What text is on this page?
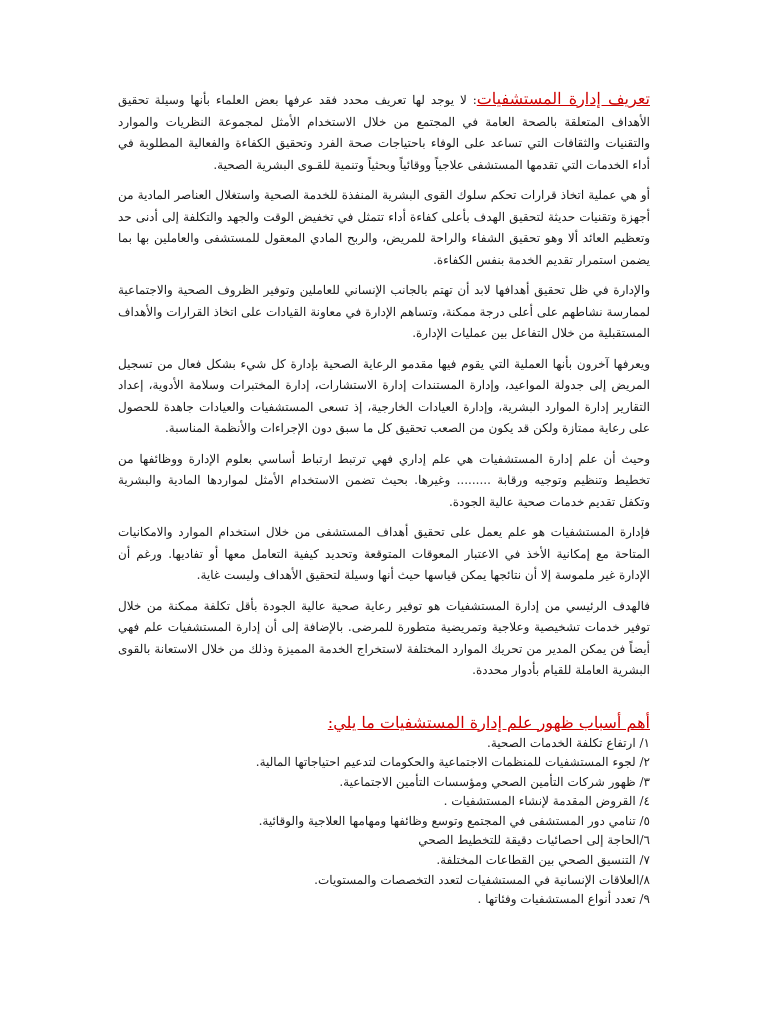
تعريف إدارة المستشفيات: لا يوجد لها تعريف محدد فقد عرفها بعض العلماء بأنها وسيلة تحقيق الأهداف المتعلقة بالصحة العامة في المجتمع من خلال الاستخدام الأمثل لمجموعة النظريات والموارد والتقنيات والثقافات التي تساعد على الوفاء باحتياجات صحة الفرد وتحقيق الكفاءة والفعالية المطلوبة في أداء الخدمات التي تقدمها المستشفى علاجياً ووقائياً وبحثياً وتنمية للقـوى البشرية الصحية.

أو هي عملية اتخاذ قرارات تحكم سلوك القوى البشرية المنفذة للخدمة الصحية واستغلال العناصر المادية من أجهزة وتقنيات حديثة لتحقيق الهدف بأعلى كفاءة أداء تتمثل في تخفيض الوقت والجهد والتكلفة إلى أدنى حد وتعظيم العائد ألا وهو تحقيق الشفاء والراحة للمريض، والربح المادي المعقول للمستشفى والعاملين بها بما يضمن استمرار تقديم الخدمة بنفس الكفاءة.

والإدارة في ظل تحقيق أهدافها لابد أن تهتم بالجانب الإنساني للعاملين وتوفير الظروف الصحية والاجتماعية لممارسة نشاطهم على أعلى درجة ممكنة، وتساهم الإدارة في معاونة القيادات على اتخاذ القرارات والأهداف المستقبلية من خلال التفاعل بين عمليات الإدارة.

ويعرفها آخرون بأنها العملية التي يقوم فيها مقدمو الرعاية الصحية بإدارة كل شيء بشكل فعال من تسجيل المريض إلى جدولة المواعيد، وإدارة المستندات إدارة الاستشارات، إدارة المختبرات وسلامة الأدوية، إعداد التقارير إدارة الموارد البشرية، وإدارة العيادات الخارجية، إذ تسعى المستشفيات والعيادات جاهدة للحصول على رعاية ممتازة ولكن قد يكون من الصعب تحقيق كل ما سبق دون الإجراءات والأنظمة المناسبة.

وحيث أن علم إدارة المستشفيات هي علم إداري فهي ترتبط ارتباط أساسي بعلوم الإدارة ووظائفها من تخطيط وتنظيم وتوجيه ورقابة ......... وغيرها. بحيث تضمن الاستخدام الأمثل لمواردها المادية والبشرية وتكفل تقديم خدمات صحية عالية الجودة.

فإدارة المستشفيات هو علم يعمل على تحقيق أهداف المستشفى من خلال استخدام الموارد والامكانيات المتاحة مع إمكانية الأخذ في الاعتبار المعوقات المتوقعة وتحديد كيفية التعامل معها أو تفاديها. ورغم أن الإدارة غير ملموسة إلا أن نتائجها يمكن قياسها حيث أنها وسيلة لتحقيق الأهداف وليست غاية.

فالهدف الرئيسي من إدارة المستشفيات هو توفير رعاية صحية عالية الجودة بأقل تكلفة ممكنة من خلال توفير خدمات تشخيصية وعلاجية وتمريضية متطورة للمرضى. بالإضافة إلى أن إدارة المستشفيات علم فهي أيضاً فن يمكن المدير من تحريك الموارد المختلفة لاستخراج الخدمة المميزة وذلك من خلال الاستعانة بالقوى البشرية العاملة للقيام بأدوار محددة.

أهم أسباب ظهور علم إدارة المستشفيات ما يلي:
١/ ارتفاع تكلفة الخدمات الصحية.
٢/ لجوء المستشفيات للمنظمات الاجتماعية والحكومات لتدعيم احتياجاتها المالية.
٣/ ظهور شركات التأمين الصحي ومؤسسات التأمين الاجتماعية.
٤/ القروض المقدمة لإنشاء المستشفيات .
٥/ تنامي دور المستشفى في المجتمع وتوسع وظائفها ومهامها العلاجية والوقائية.
٦/الحاجة إلى احصائيات دقيقة للتخطيط الصحي
٧/ التنسيق الصحي بين القطاعات المختلفة.
٨/العلاقات الإنسانية في المستشفيات لتعدد التخصصات والمستويات.
٩/ تعدد أنواع المستشفيات وفئاتها .
